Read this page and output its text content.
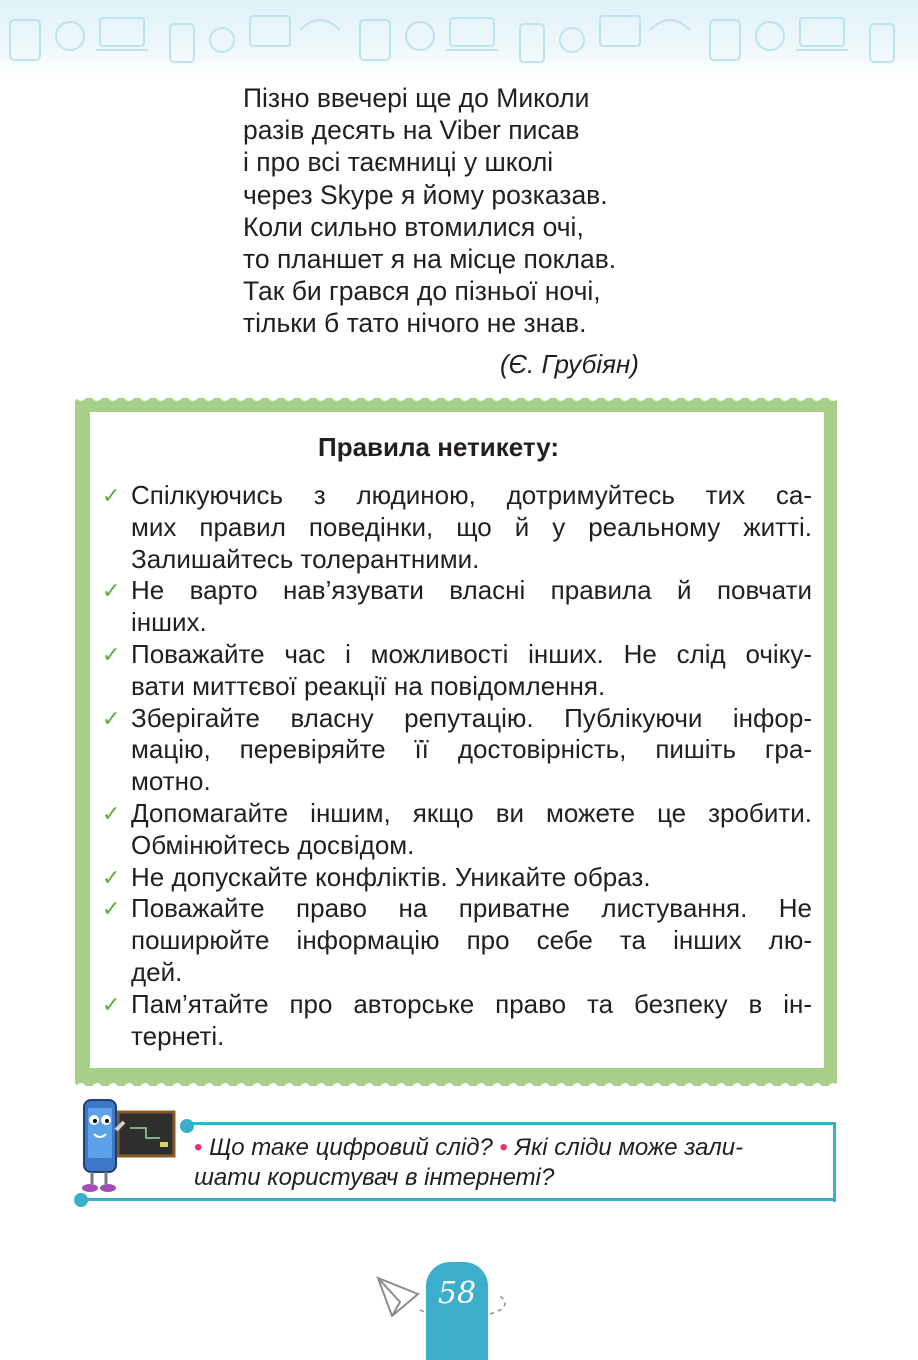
Пізно ввечері ще до Миколи
разів десять на Viber писав
і про всі таємниці у школі
через Skype я йому розказав.
Коли сильно втомилися очі,
то планшет я на місце поклав.
Так би грався до пізньої ночі,
тільки б тато нічого не знав.
(Є. Грубіян)
Правила нетикету:
✓ Спілкуючись з людиною, дотримуйтесь тих са-
мих правил поведінки, що й у реальному житті.
Залишайтесь толерантними.
✓ Не варто нав’язувати власні правила й повчати
інших.
✓ Поважайте час і можливості інших. Не слід очіку-
вати миттєвої реакції на повідомлення.
✓ Зберігайте власну репутацію. Публікуючи інфор-
мацію, перевіряйте її достовірність, пишіть гра-
мотно.
✓ Допомагайте іншим, якщо ви можете це зробити.
Обмінюйтесь досвідом.
✓ Не допускайте конфліктів. Уникайте образ.
✓ Поважайте право на приватне листування. Не
поширюйте інформацію про себе та інших лю-
дей.
✓ Пам’ятайте про авторське право та безпеку в ін-
тернеті.
• Що таке цифровий слід? • Які сліди може зали-
шати користувач в інтернеті?
58
